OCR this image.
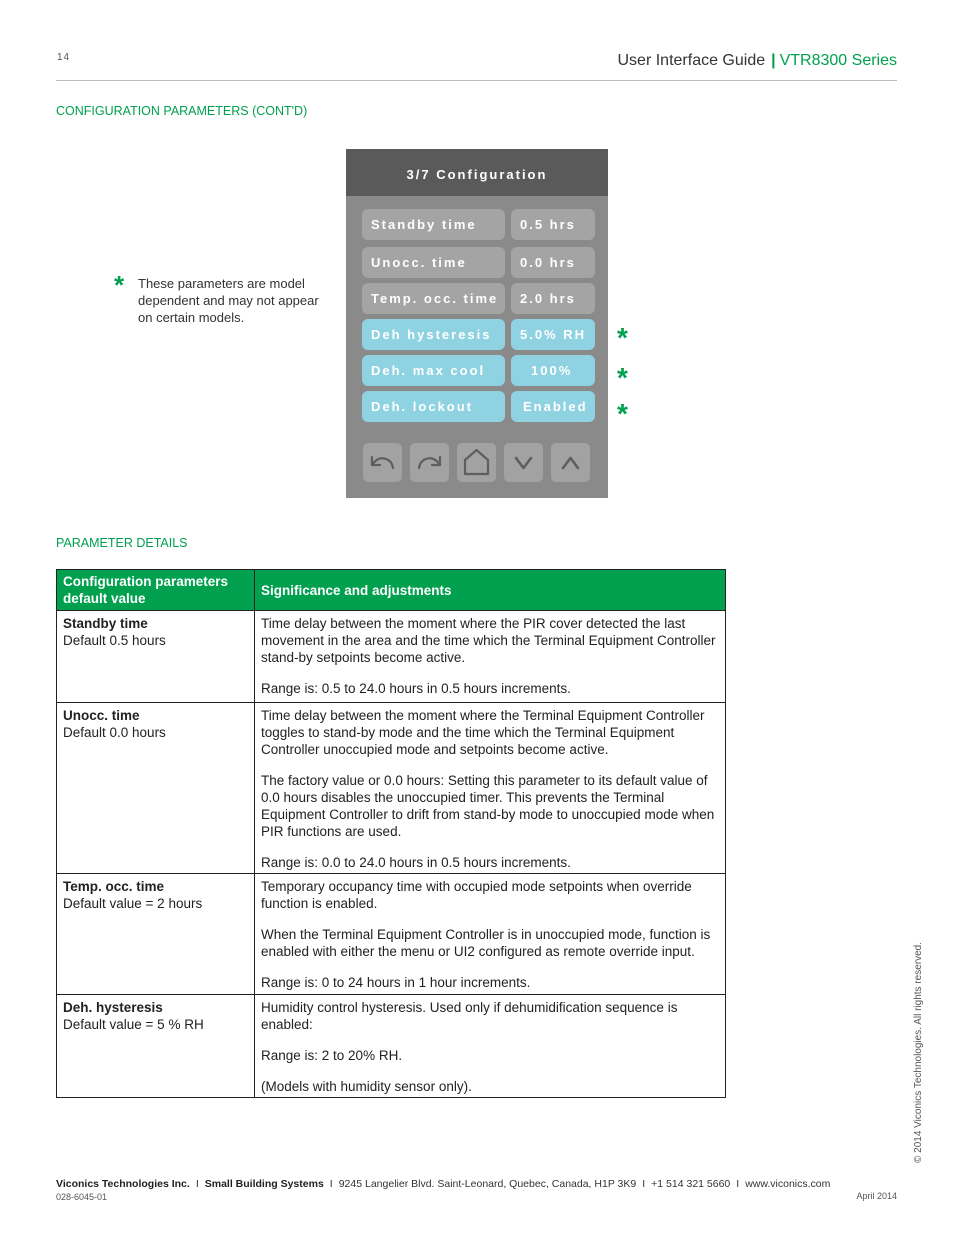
14	User Interface Guide | VTR8300 Series
CONFIGURATION PARAMETERS (CONT'D)
* These parameters are model dependent and may not appear on certain models.
3/7 Configuration
Standby time	0.5 hrs
Unocc. time	0.0 hrs
Temp. occ. time	2.0 hrs
Deh hysteresis	5.0% RH
Deh. max cool	100%
Deh. lockout	Enabled
*
*
*
PARAMETER DETAILS
Configuration parameters default value	Significance and adjustments

Standby time
Default 0.5 hours	Time delay between the moment where the PIR cover detected the last movement in the area and the time which the Terminal Equipment Controller stand-by setpoints become active.
Range is: 0.5 to 24.0 hours in 0.5 hours increments.

Unocc. time
Default 0.0 hours	Time delay between the moment where the Terminal Equipment Controller toggles to stand-by mode and the time which the Terminal Equipment Controller unoccupied mode and setpoints become active.
The factory value or 0.0 hours: Setting this parameter to its default value of 0.0 hours disables the unoccupied timer. This prevents the Terminal Equipment Controller to drift from stand-by mode to unoccupied mode when PIR functions are used.
Range is: 0.0 to 24.0 hours in 0.5 hours increments.

Temp. occ. time
Default value = 2 hours	Temporary occupancy time with occupied mode setpoints when override function is enabled.
When the Terminal Equipment Controller is in unoccupied mode, function is enabled with either the menu or UI2 configured as remote override input.
Range is: 0 to 24 hours in 1 hour increments.

Deh. hysteresis
Default value = 5 % RH	Humidity control hysteresis. Used only if dehumidification sequence is enabled:
Range is: 2 to 20% RH.
(Models with humidity sensor only).
Viconics Technologies Inc. I Small Building Systems I 9245 Langelier Blvd. Saint-Leonard, Quebec, Canada, H1P 3K9 I +1 514 321 5660 I www.viconics.com
028-6045-01	April 2014
© 2014 Viconics Technologies. All rights reserved.
